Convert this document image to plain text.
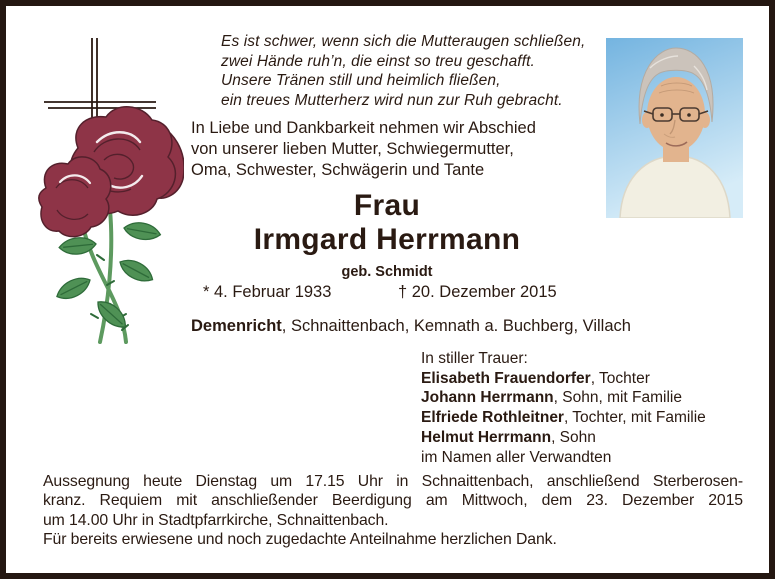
Es ist schwer, wenn sich die Mutteraugen schließen,
zwei Hände ruh’n, die einst so treu geschafft.
Unsere Tränen still und heimlich fließen,
ein treues Mutterherz wird nun zur Ruh gebracht.
In Liebe und Dankbarkeit nehmen wir Abschied
von unserer lieben Mutter, Schwiegermutter,
Oma, Schwester, Schwägerin und Tante
Frau
Irmgard Herrmann
geb. Schmidt
* 4. Februar 1933	† 20. Dezember 2015
Demenricht, Schnaittenbach, Kemnath a. Buchberg, Villach
In stiller Trauer:
Elisabeth Frauendorfer, Tochter
Johann Herrmann, Sohn, mit Familie
Elfriede Rothleitner, Tochter, mit Familie
Helmut Herrmann, Sohn
im Namen aller Verwandten
Aussegnung heute Dienstag um 17.15 Uhr in Schnaittenbach, anschließend Sterberosen-
kranz. Requiem mit anschließender Beerdigung am Mittwoch, dem 23. Dezember 2015
um 14.00 Uhr in Stadtpfarrkirche, Schnaittenbach.
Für bereits erwiesene und noch zugedachte Anteilnahme herzlichen Dank.
